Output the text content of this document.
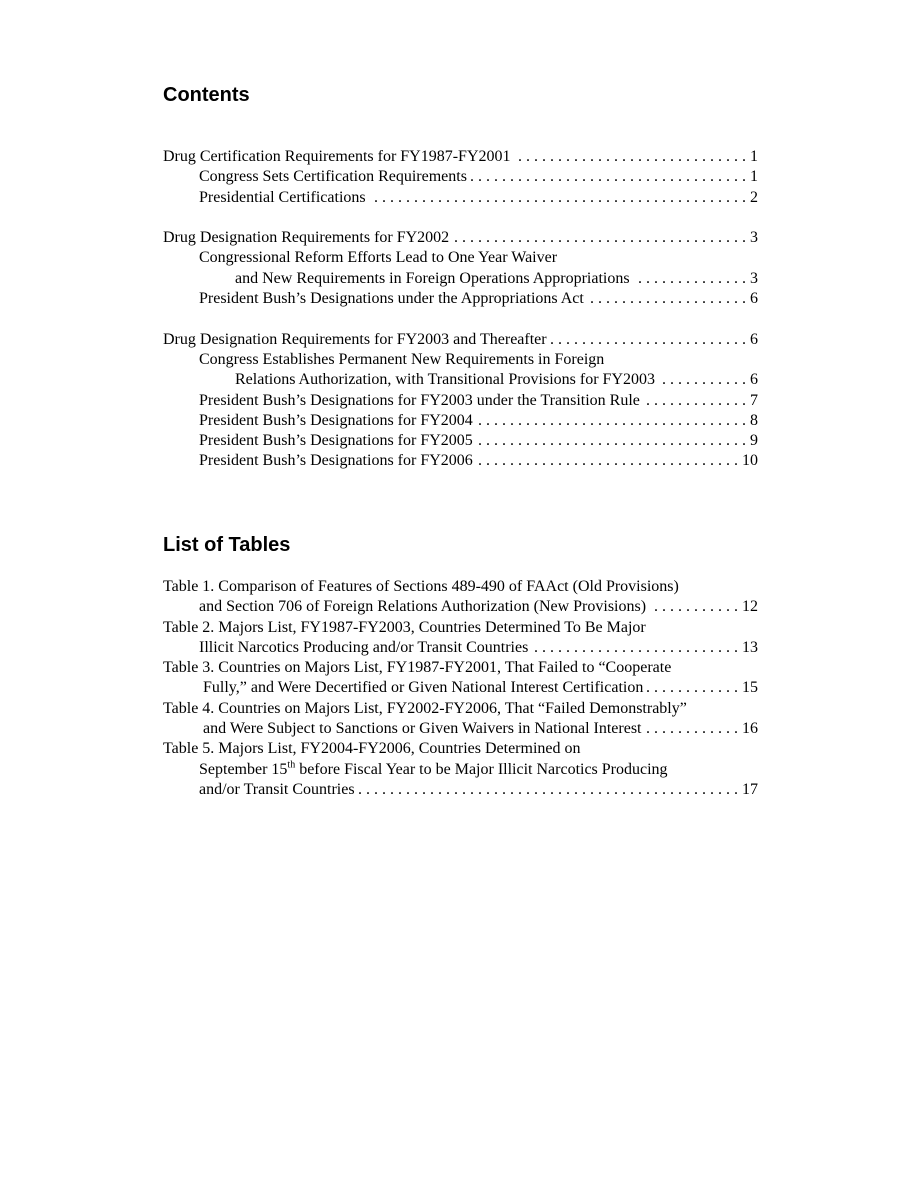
Contents
Drug Certification Requirements for FY1987-FY2001 . . .	1
Congress Sets Certification Requirements . . .	1
Presidential Certifications . . .	2
Drug Designation Requirements for FY2002 . . .	3
Congressional Reform Efforts Lead to One Year Waiver
and New Requirements in Foreign Operations Appropriations . . .	3
President Bush’s Designations under the Appropriations Act . . .	6
Drug Designation Requirements for FY2003 and Thereafter . . .	6
Congress Establishes Permanent New Requirements in Foreign
Relations Authorization, with Transitional Provisions for FY2003 . . .	6
President Bush’s Designations for FY2003 under the Transition Rule . . .	7
President Bush’s Designations for FY2004 . . .	8
President Bush’s Designations for FY2005 . . .	9
President Bush’s Designations for FY2006 . . .	10
List of Tables
Table 1. Comparison of Features of Sections 489-490 of FAAct (Old Provisions)
and Section 706 of Foreign Relations Authorization (New Provisions) . . .	12
Table 2. Majors List, FY1987-FY2003, Countries Determined To Be Major
Illicit Narcotics Producing and/or Transit Countries . . .	13
Table 3. Countries on Majors List, FY1987-FY2001, That Failed to “Cooperate
Fully,” and Were Decertified or Given National Interest Certification . . .	15
Table 4. Countries on Majors List, FY2002-FY2006, That “Failed Demonstrably”
and Were Subject to Sanctions or Given Waivers in National Interest . . .	16
Table 5. Majors List, FY2004-FY2006, Countries Determined on
September 15th before Fiscal Year to be Major Illicit Narcotics Producing
and/or Transit Countries . . .	17
